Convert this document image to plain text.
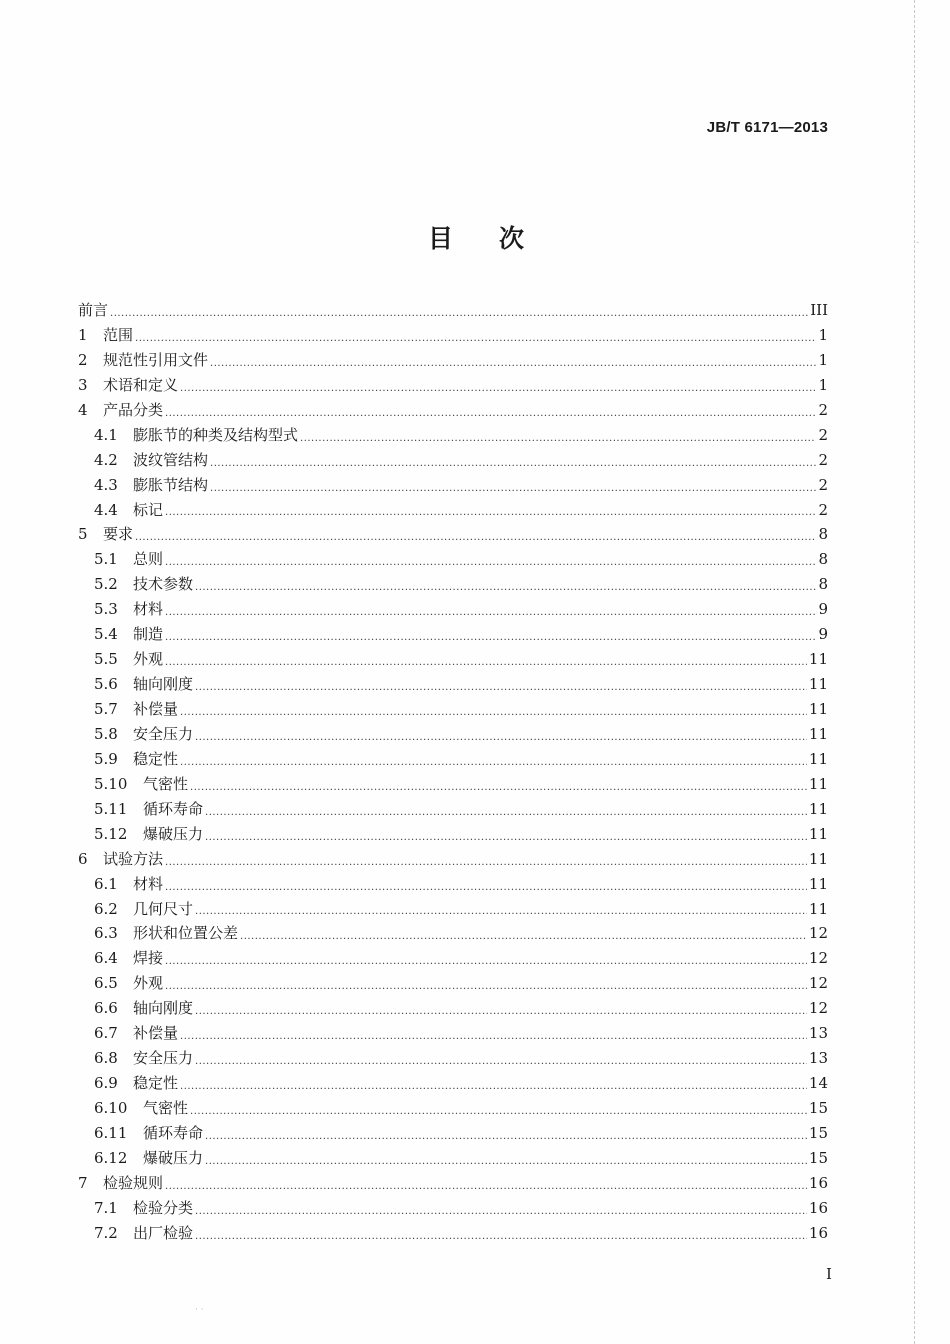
JB/T 6171—2013
目次
前言 .....	III
1	范围 .....	1
2	规范性引用文件 .....	1
3	术语和定义 .....	1
4	产品分类 .....	2
4.1	膨胀节的种类及结构型式 .....	2
4.2	波纹管结构 .....	2
4.3	膨胀节结构 .....	2
4.4	标记 .....	2
5	要求 .....	8
5.1	总则 .....	8
5.2	技术参数 .....	8
5.3	材料 .....	9
5.4	制造 .....	9
5.5	外观 .....	11
5.6	轴向刚度 .....	11
5.7	补偿量 .....	11
5.8	安全压力 .....	11
5.9	稳定性 .....	11
5.10	气密性 .....	11
5.11	循环寿命 .....	11
5.12	爆破压力 .....	11
6	试验方法 .....	11
6.1	材料 .....	11
6.2	几何尺寸 .....	11
6.3	形状和位置公差 .....	12
6.4	焊接 .....	12
6.5	外观 .....	12
6.6	轴向刚度 .....	12
6.7	补偿量 .....	13
6.8	安全压力 .....	13
6.9	稳定性 .....	14
6.10	气密性 .....	15
6.11	循环寿命 .....	15
6.12	爆破压力 .....	15
7	检验规则 .....	16
7.1	检验分类 .....	16
7.2	出厂检验 .....	16
I
· ·
-
